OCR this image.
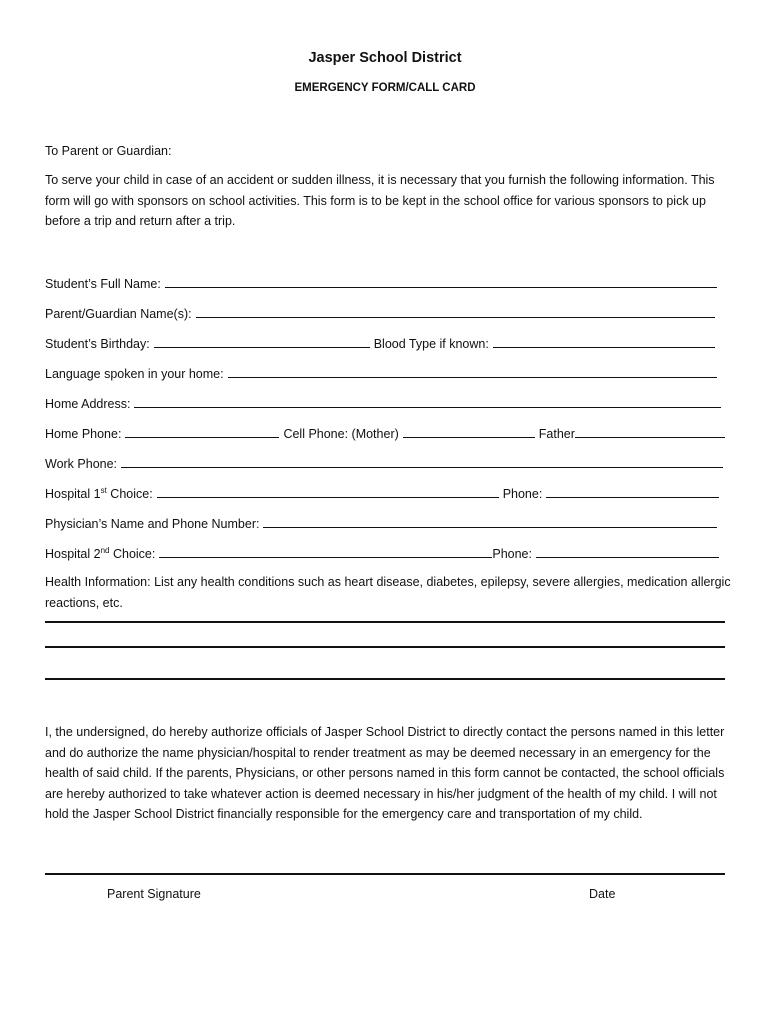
Jasper School District
EMERGENCY FORM/CALL CARD
To Parent or Guardian:
To serve your child in case of an accident or sudden illness, it is necessary that you furnish the following information. This form will go with sponsors on school activities. This form is to be kept in the school office for various sponsors to pick up before a trip and return after a trip.
Student’s Full Name:
Parent/Guardian Name(s):
Student’s Birthday:	Blood Type if known:
Language spoken in your home:
Home Address:
Home Phone:	Cell Phone: (Mother)	Father
Work Phone:
Hospital 1st Choice:	Phone:
Physician’s Name and Phone Number:
Hospital 2nd Choice:	Phone:
Health Information: List any health conditions such as heart disease, diabetes, epilepsy, severe allergies, medication allergic reactions, etc.
I, the undersigned, do hereby authorize officials of Jasper School District to directly contact the persons named in this letter and do authorize the name physician/hospital to render treatment as may be deemed necessary in an emergency for the health of said child. If the parents, Physicians, or other persons named in this form cannot be contacted, the school officials are hereby authorized to take whatever action is deemed necessary in his/her judgment of the health of my child. I will not hold the Jasper School District financially responsible for the emergency care and transportation of my child.
Parent Signature	Date
